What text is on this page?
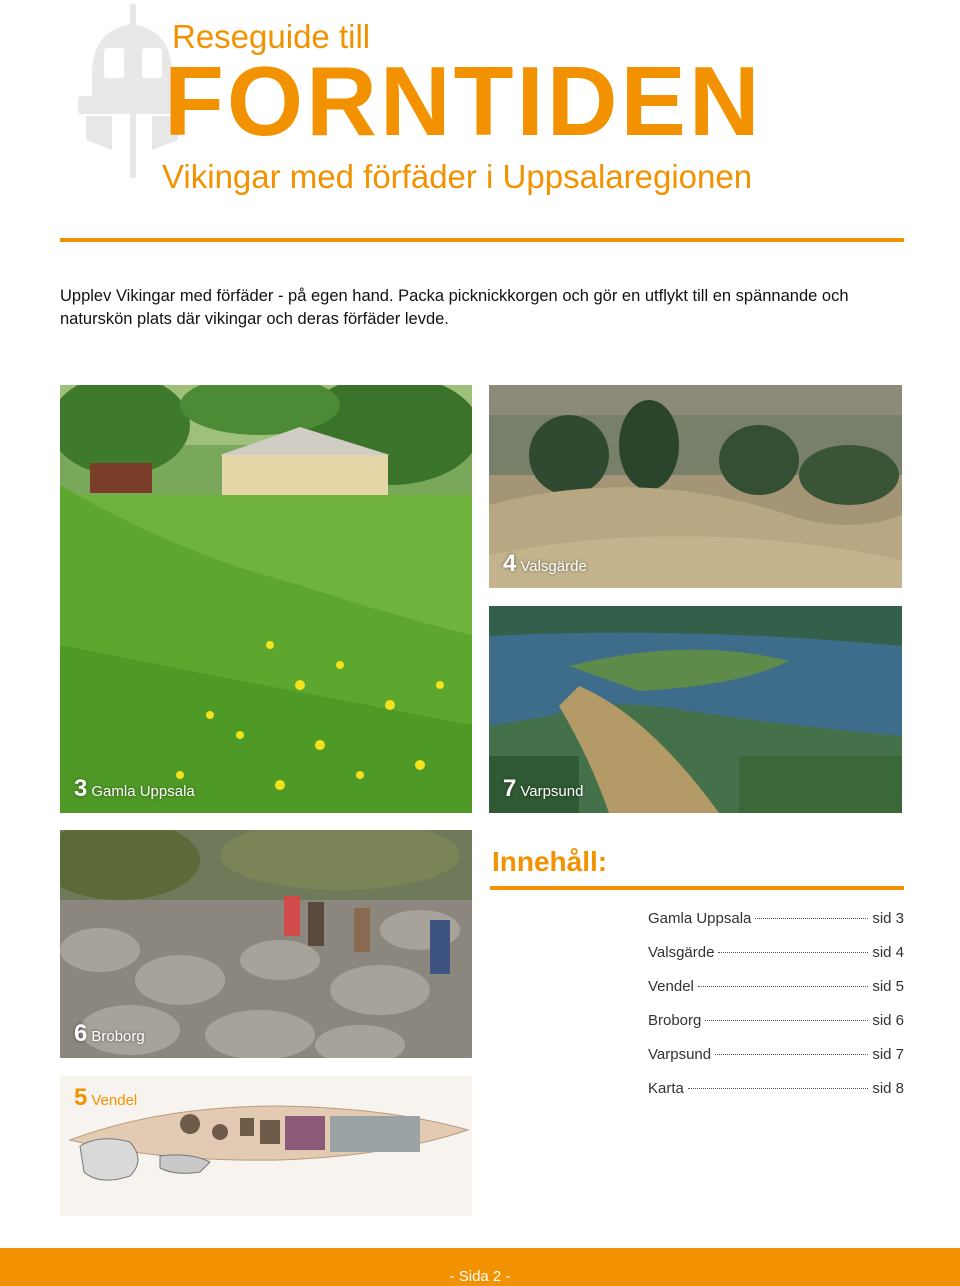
Reseguide till
FORNTIDEN
Vikingar med förfäder i Uppsalaregionen

Upplev Vikingar med förfäder - på egen hand. Packa picknickkorgen och gör en utflykt till en spännande och naturskön plats där vikingar och deras förfäder levde.

3 Gamla Uppsala
4 Valsgärde
7 Varpsund
6 Broborg
5 Vendel
Innehåll:
Gamla Uppsala	sid 3
Valsgärde	sid 4
Vendel	sid 5
Broborg	sid 6
Varpsund	sid 7
Karta	sid 8
- Sida 2 -
